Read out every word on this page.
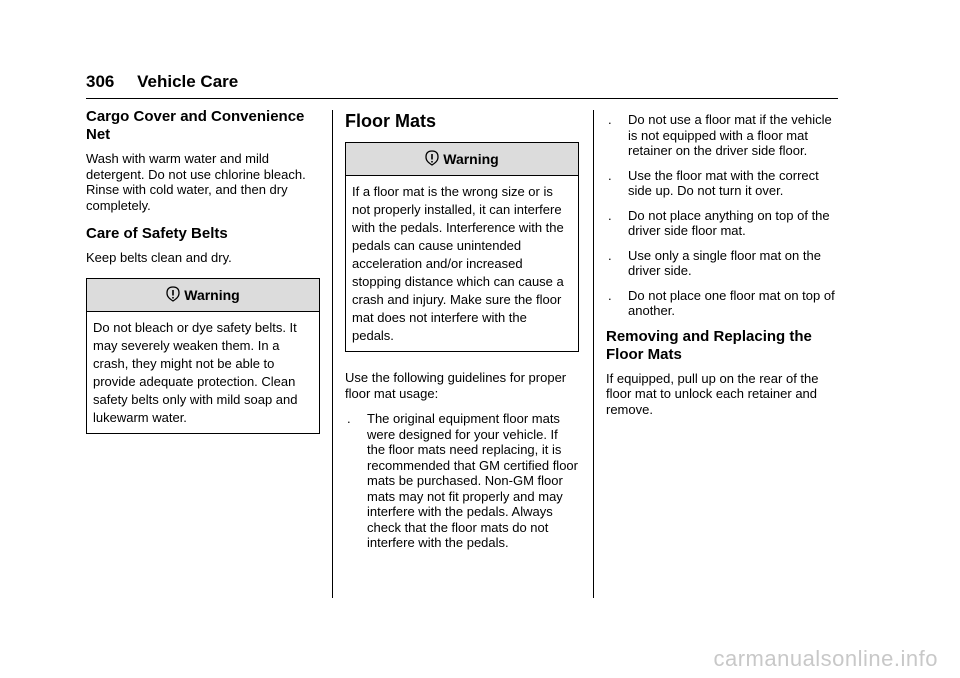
306 Vehicle Care
Cargo Cover and Convenience Net

Wash with warm water and mild detergent. Do not use chlorine bleach. Rinse with cold water, and then dry completely.

Care of Safety Belts

Keep belts clean and dry.

Warning
Do not bleach or dye safety belts. It may severely weaken them. In a crash, they might not be able to provide adequate protection. Clean safety belts only with mild soap and lukewarm water.
Floor Mats
Warning
If a floor mat is the wrong size or is not properly installed, it can interfere with the pedals. Interference with the pedals can cause unintended acceleration and/or increased stopping distance which can cause a crash and injury. Make sure the floor mat does not interfere with the pedals.

Use the following guidelines for proper floor mat usage:

. The original equipment floor mats were designed for your vehicle. If the floor mats need replacing, it is recommended that GM certified floor mats be purchased. Non-GM floor mats may not fit properly and may interfere with the pedals. Always check that the floor mats do not interfere with the pedals.
. Do not use a floor mat if the vehicle is not equipped with a floor mat retainer on the driver side floor.
. Use the floor mat with the correct side up. Do not turn it over.
. Do not place anything on top of the driver side floor mat.
. Use only a single floor mat on the driver side.
. Do not place one floor mat on top of another.
Removing and Replacing the Floor Mats

If equipped, pull up on the rear of the floor mat to unlock each retainer and remove.

carmanualsonline.info
